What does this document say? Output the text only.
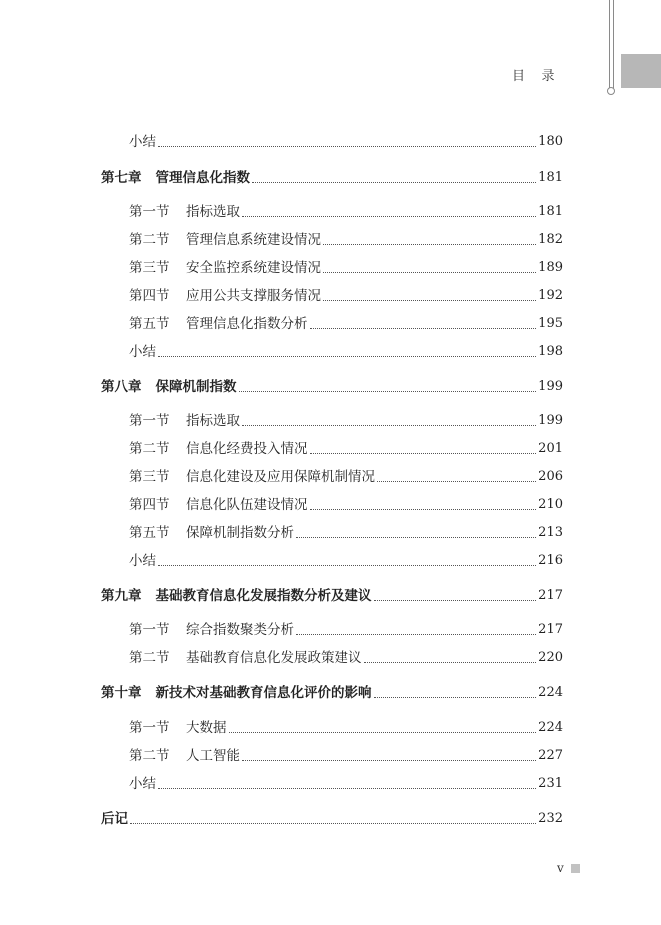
目    录
小结	180
第七章 管理信息化指数	181
第一节	指标选取	181
第二节	管理信息系统建设情况	182
第三节	安全监控系统建设情况	189
第四节	应用公共支撑服务情况	192
第五节	管理信息化指数分析	195
小结	198
第八章 保障机制指数	199
第一节	指标选取	199
第二节	信息化经费投入情况	201
第三节	信息化建设及应用保障机制情况	206
第四节	信息化队伍建设情况	210
第五节	保障机制指数分析	213
小结	216
第九章 基础教育信息化发展指数分析及建议	217
第一节	综合指数聚类分析	217
第二节	基础教育信息化发展政策建议	220
第十章 新技术对基础教育信息化评价的影响	224
第一节	大数据	224
第二节	人工智能	227
小结	231
后记	232
v
